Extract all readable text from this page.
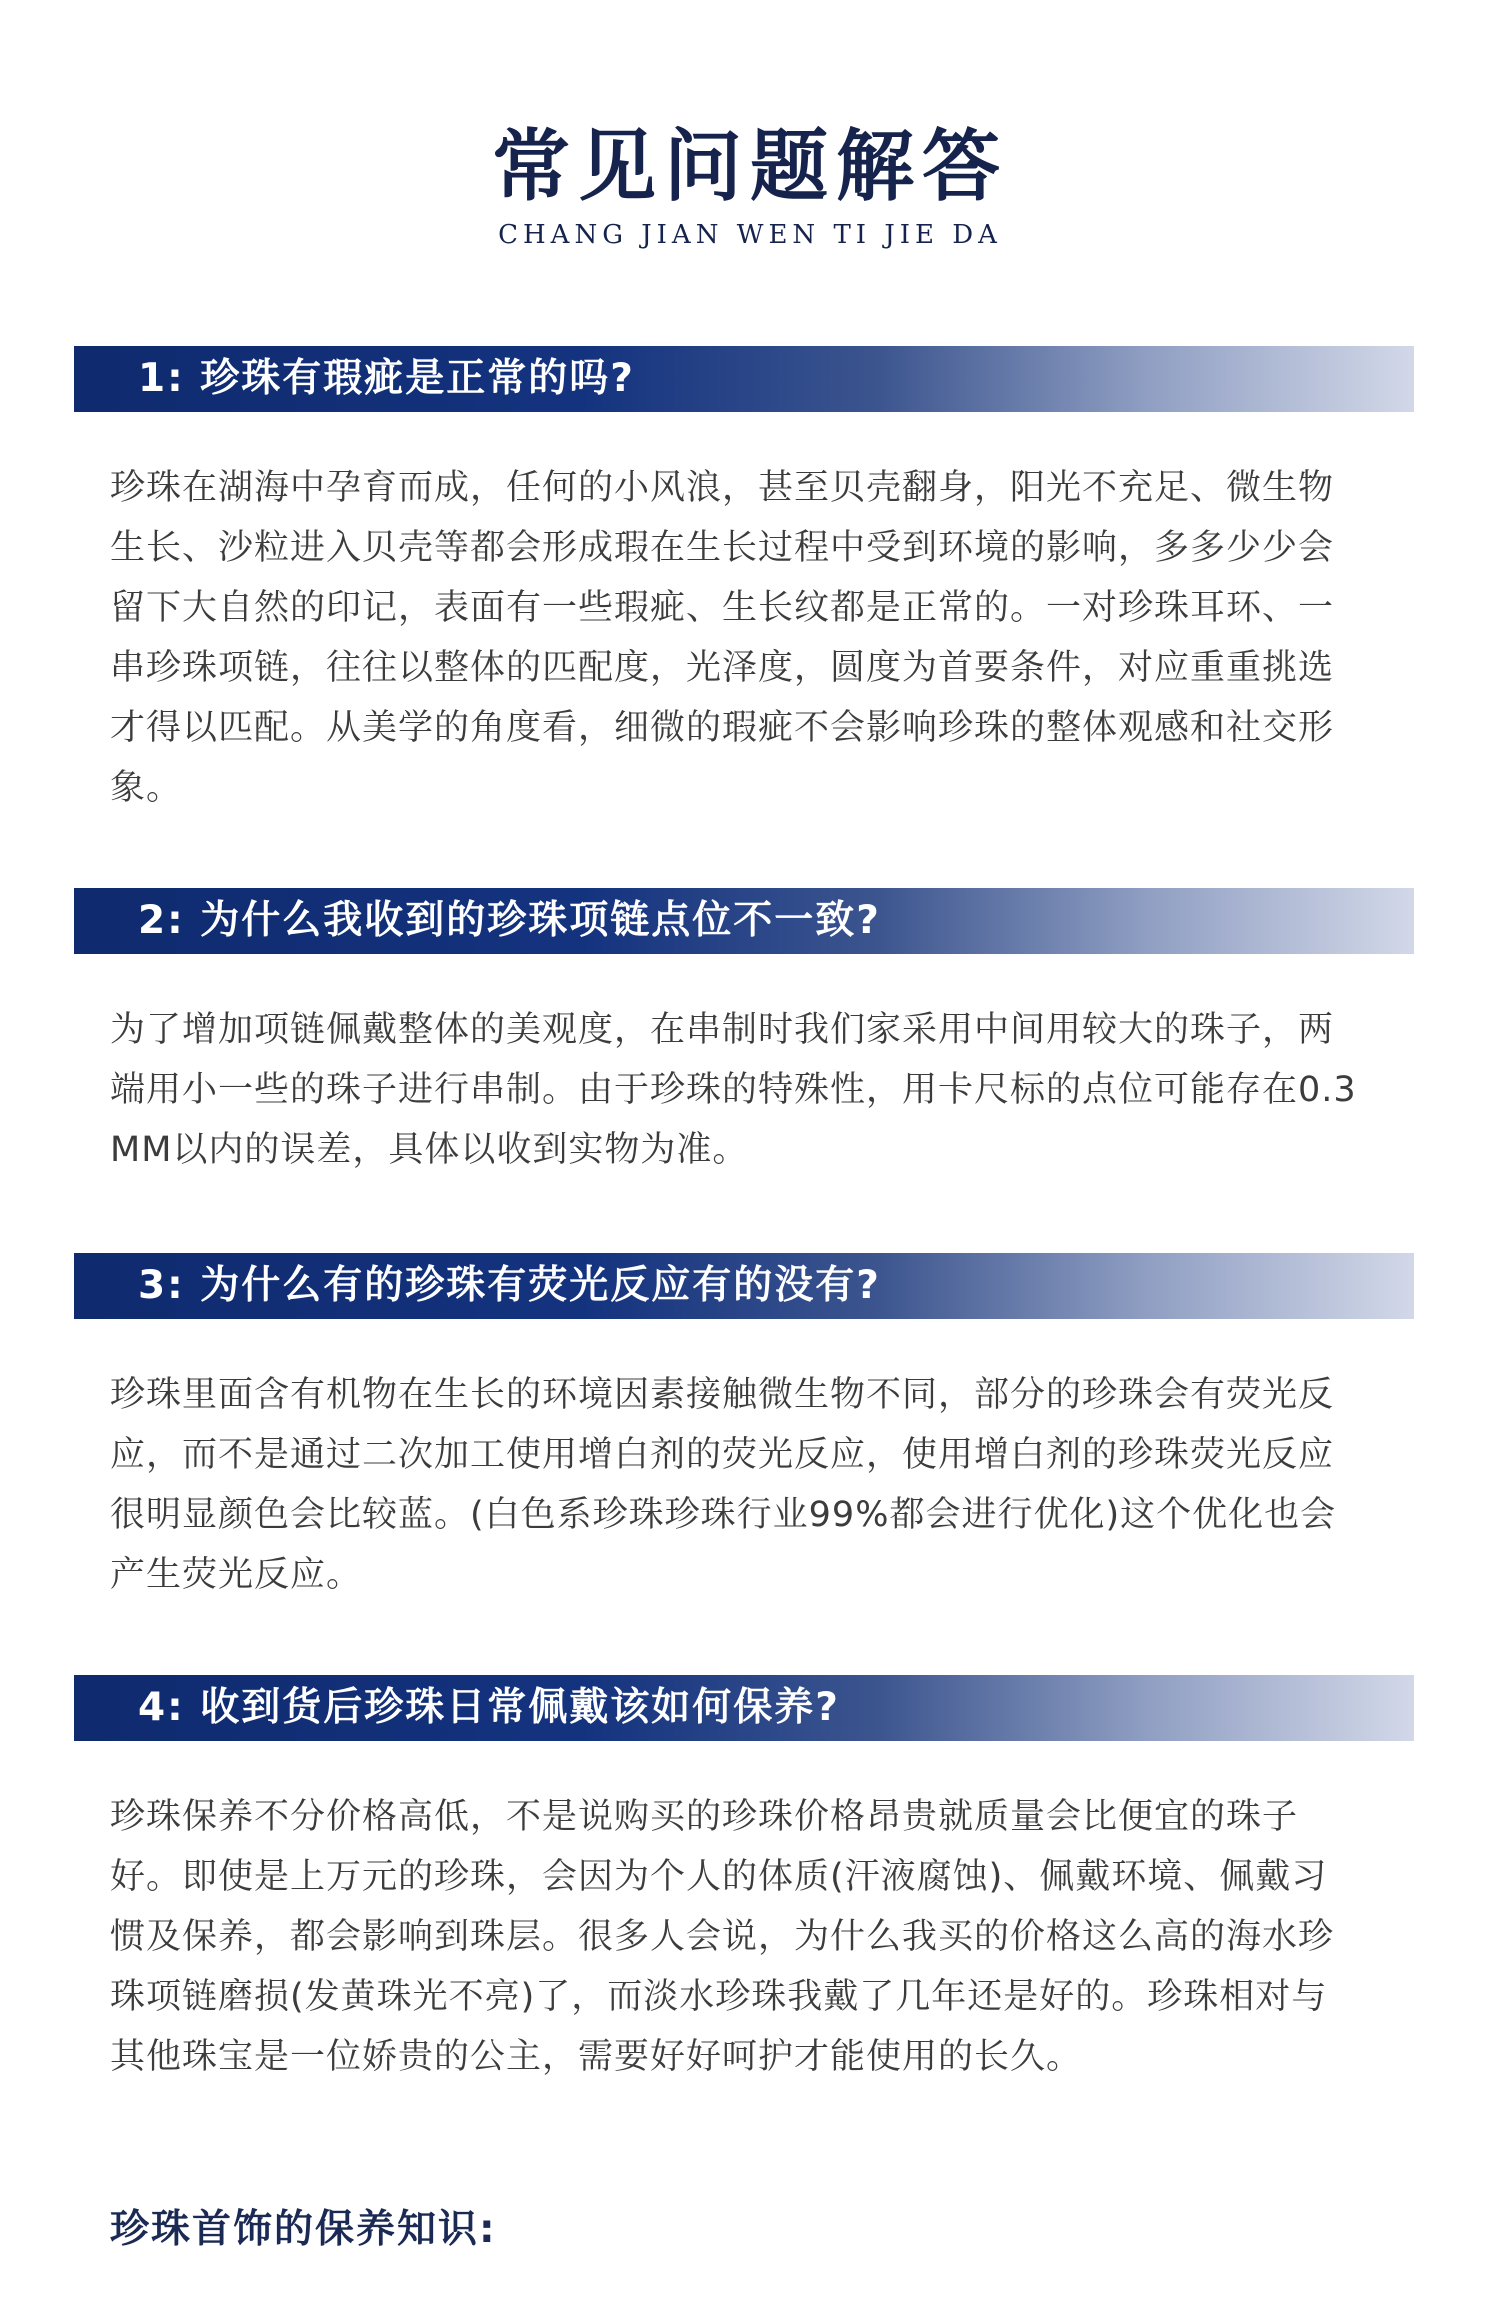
常见问题解答
CHANG JIAN WEN TI JIE DA
1: 珍珠有瑕疵是正常的吗?
珍珠在湖海中孕育而成，任何的小风浪，甚至贝壳翻身，阳光不充足、微生物生长、沙粒进入贝壳等都会形成瑕在生长过程中受到环境的影响，多多少少会留下大自然的印记，表面有一些瑕疵、生长纹都是正常的。一对珍珠耳环、一串珍珠项链，往往以整体的匹配度，光泽度，圆度为首要条件，对应重重挑选才得以匹配。从美学的角度看，细微的瑕疵不会影响珍珠的整体观感和社交形象。
2: 为什么我收到的珍珠项链点位不一致?
为了增加项链佩戴整体的美观度，在串制时我们家采用中间用较大的珠子，两端用小一些的珠子进行串制。由于珍珠的特殊性，用卡尺标的点位可能存在0.3MM以内的误差，具体以收到实物为准。
3: 为什么有的珍珠有荧光反应有的没有?
珍珠里面含有机物在生长的环境因素接触微生物不同，部分的珍珠会有荧光反应，而不是通过二次加工使用增白剂的荧光反应，使用增白剂的珍珠荧光反应很明显颜色会比较蓝。(白色系珍珠珍珠行业99%都会进行优化)这个优化也会产生荧光反应。
4: 收到货后珍珠日常佩戴该如何保养?
珍珠保养不分价格高低，不是说购买的珍珠价格昂贵就质量会比便宜的珠子好。即使是上万元的珍珠，会因为个人的体质(汗液腐蚀)、佩戴环境、佩戴习惯及保养，都会影响到珠层。很多人会说，为什么我买的价格这么高的海水珍珠项链磨损(发黄珠光不亮)了，而淡水珍珠我戴了几年还是好的。珍珠相对与其他珠宝是一位娇贵的公主，需要好好呵护才能使用的长久。
珍珠首饰的保养知识:
